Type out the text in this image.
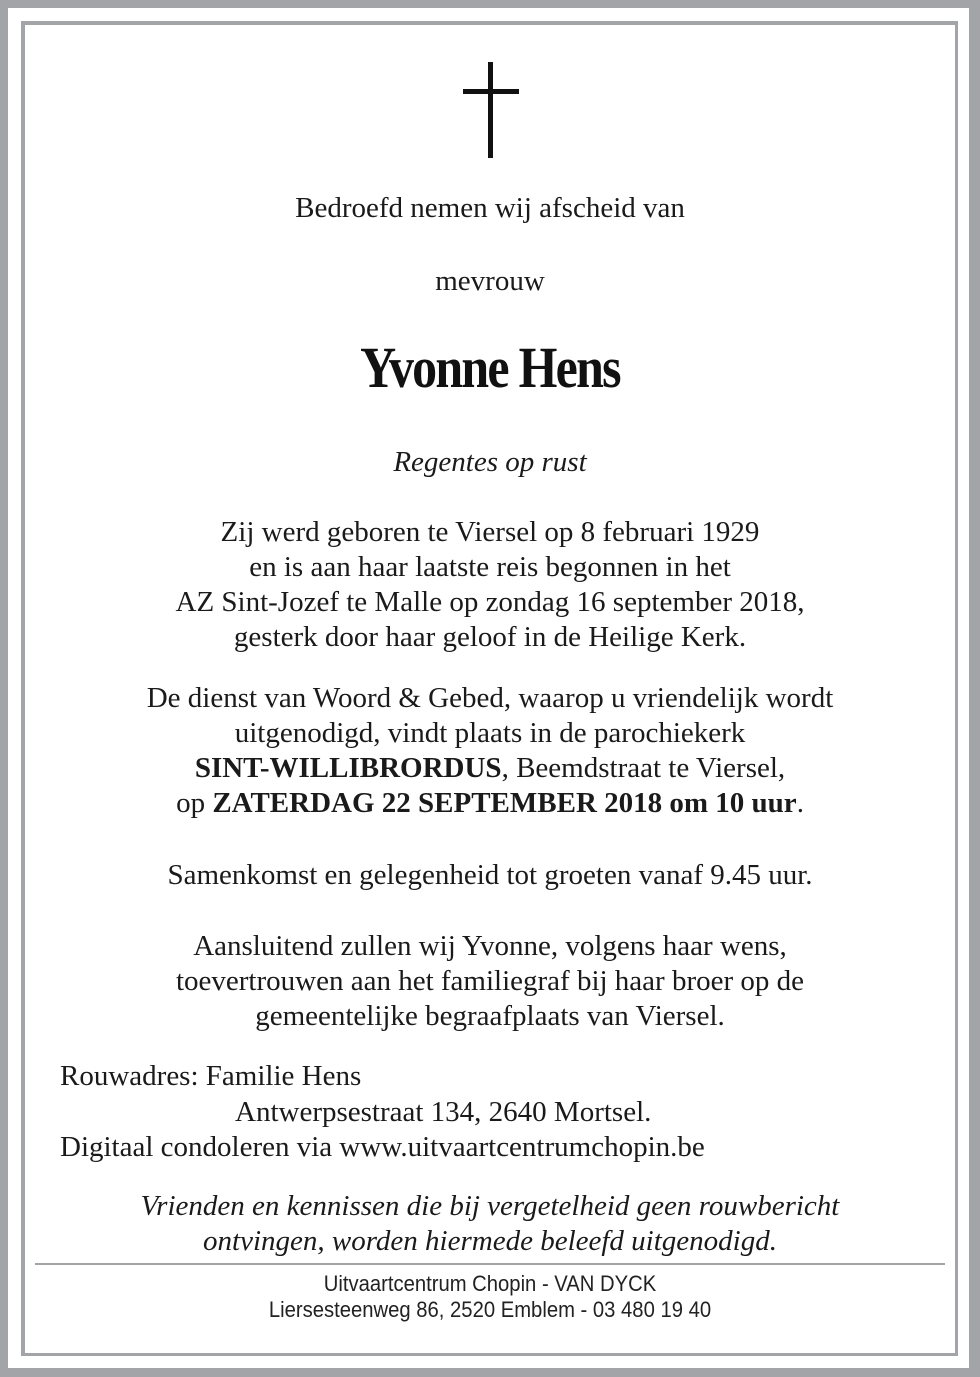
Bedroefd nemen wij afscheid van
mevrouw
Yvonne Hens
Regentes op rust
Zij werd geboren te Viersel op 8 februari 1929
en is aan haar laatste reis begonnen in het
AZ Sint-Jozef te Malle op zondag 16 september 2018,
gesterk door haar geloof in de Heilige Kerk.
De dienst van Woord & Gebed, waarop u vriendelijk wordt
uitgenodigd, vindt plaats in de parochiekerk
SINT-WILLIBRORDUS, Beemdstraat te Viersel,
op ZATERDAG 22 SEPTEMBER 2018 om 10 uur.
Samenkomst en gelegenheid tot groeten vanaf 9.45 uur.
Aansluitend zullen wij Yvonne, volgens haar wens,
toevertrouwen aan het familiegraf bij haar broer op de
gemeentelijke begraafplaats van Viersel.
Rouwadres: Familie Hens
Antwerpsestraat 134, 2640 Mortsel.
Digitaal condoleren via www.uitvaartcentrumchopin.be
Vrienden en kennissen die bij vergetelheid geen rouwbericht
ontvingen, worden hiermede beleefd uitgenodigd.
Uitvaartcentrum Chopin - VAN DYCK
Liersesteenweg 86, 2520 Emblem - 03 480 19 40
